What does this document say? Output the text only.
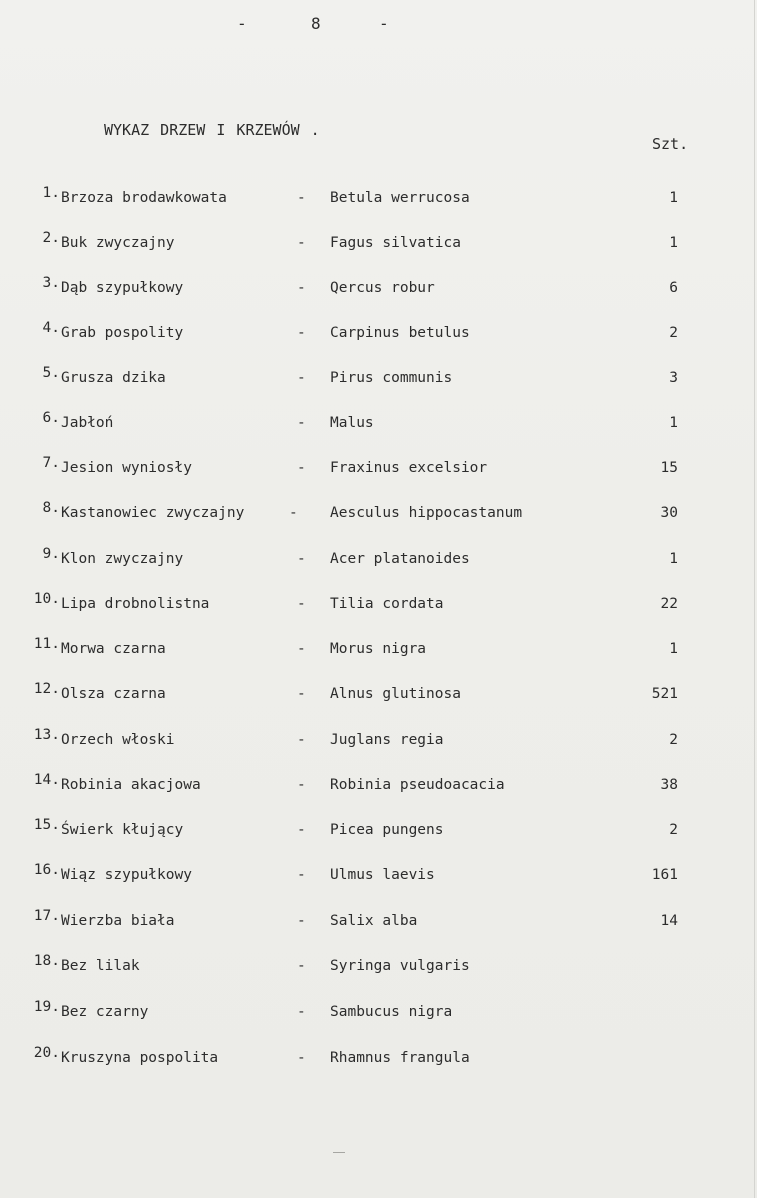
-	8	-
WYKAZ DRZEW I KRZEWÓW .
Szt.
1. Brzoza brodawkowata	- Betula werrucosa	1
2. Buk zwyczajny	- Fagus silvatica	1
3. Dąb szypułkowy	- Qercus robur	6
4. Grab pospolity	- Carpinus betulus	2
5. Grusza dzika	- Pirus communis	3
6. Jabłoń	- Malus	1
7. Jesion wyniosły	- Fraxinus excelsior	15
8. Kastanowiec zwyczajny	- Aesculus hippocastanum	30
9. Klon zwyczajny	- Acer platanoides	1
10. Lipa drobnolistna	- Tilia cordata	22
11. Morwa czarna	- Morus nigra	1
12. Olsza czarna	- Alnus glutinosa	521
13. Orzech włoski	- Juglans regia	2
14. Robinia akacjowa	- Robinia pseudoacacia	38
15. Świerk kłujący	- Picea pungens	2
16. Wiąz szypułkowy	- Ulmus laevis	161
17. Wierzba biała	- Salix alba	14
18. Bez lilak	- Syringa vulgaris
19. Bez czarny	- Sambucus nigra
20. Kruszyna pospolita	- Rhamnus frangula
